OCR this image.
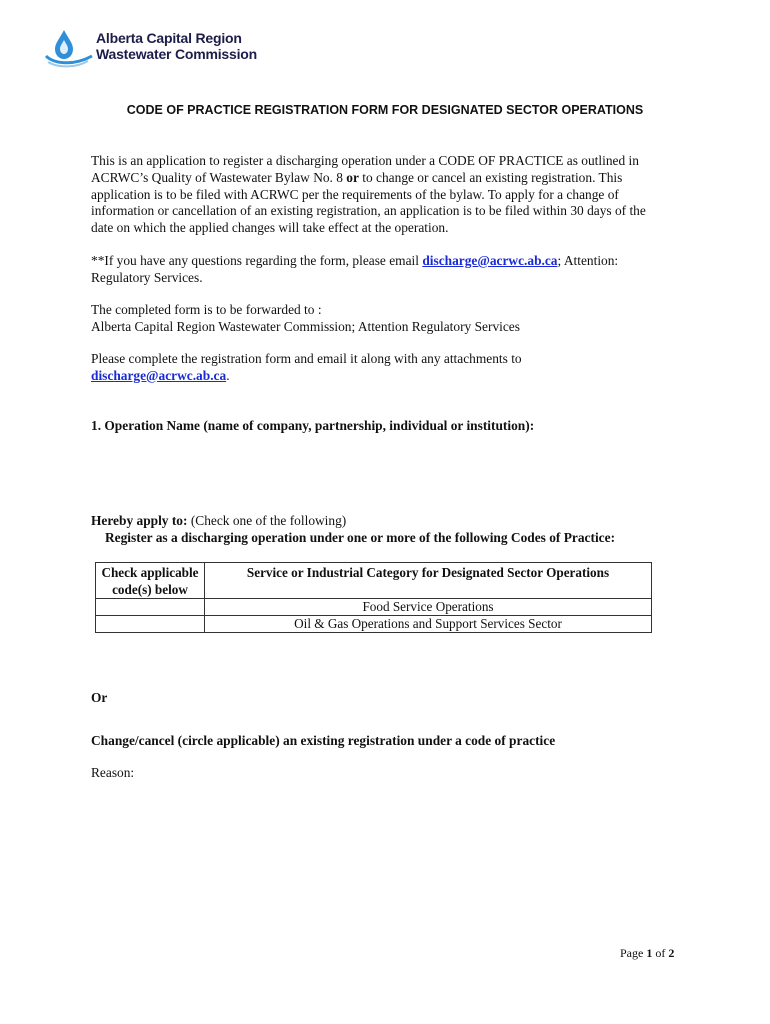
Alberta Capital Region
Wastewater Commission
CODE OF PRACTICE REGISTRATION FORM FOR DESIGNATED SECTOR OPERATIONS
This is an application to register a discharging operation under a CODE OF PRACTICE as outlined in ACRWC’s Quality of Wastewater Bylaw No. 8 or to change or cancel an existing registration. This application is to be filed with ACRWC per the requirements of the bylaw. To apply for a change of information or cancellation of an existing registration, an application is to be filed within 30 days of the date on which the applied changes will take effect at the operation.
**If you have any questions regarding the form, please email discharge@acrwc.ab.ca; Attention: Regulatory Services.
The completed form is to be forwarded to :
Alberta Capital Region Wastewater Commission; Attention Regulatory Services
Please complete the registration form and email it along with any attachments to
discharge@acrwc.ab.ca.
1. Operation Name (name of company, partnership, individual or institution):
Hereby apply to: (Check one of the following)
Register as a discharging operation under one or more of the following Codes of Practice:
Check applicable code(s) below	Service or Industrial Category for Designated Sector Operations
	Food Service Operations
	Oil & Gas Operations and Support Services Sector
Or
Change/cancel (circle applicable) an existing registration under a code of practice
Reason:
Page 1 of 2
